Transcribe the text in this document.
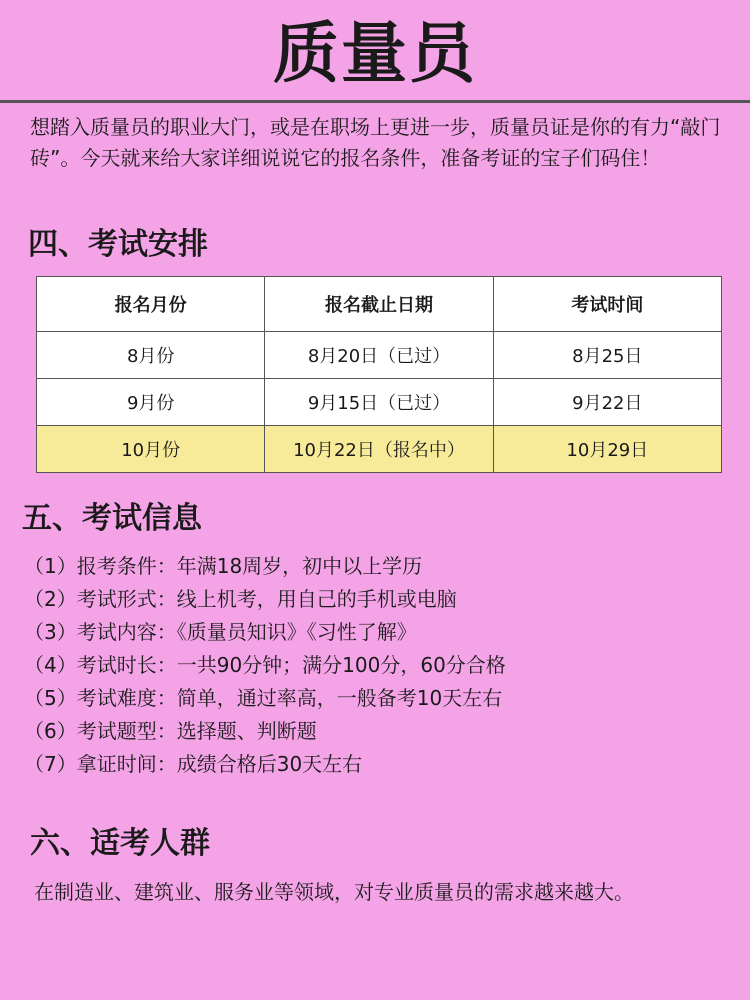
质量员
想踏入质量员的职业大门，或是在职场上更进一步，质量员证是你的有力“敲门砖”。今天就来给大家详细说说它的报名条件，准备考证的宝子们码住！
四、考试安排
报名月份	报名截止日期	考试时间
8月份	8月20日（已过）	8月25日
9月份	9月15日（已过）	9月22日
10月份	10月22日（报名中）	10月29日
五、考试信息
（1）报考条件：年满18周岁，初中以上学历
（2）考试形式：线上机考，用自己的手机或电脑
（3）考试内容：《质量员知识》《习性了解》
（4）考试时长：一共90分钟；满分100分，60分合格
（5）考试难度：简单，通过率高，一般备考10天左右
（6）考试题型：选择题、判断题
（7）拿证时间：成绩合格后30天左右
六、适考人群
在制造业、建筑业、服务业等领域，对专业质量员的需求越来越大。
